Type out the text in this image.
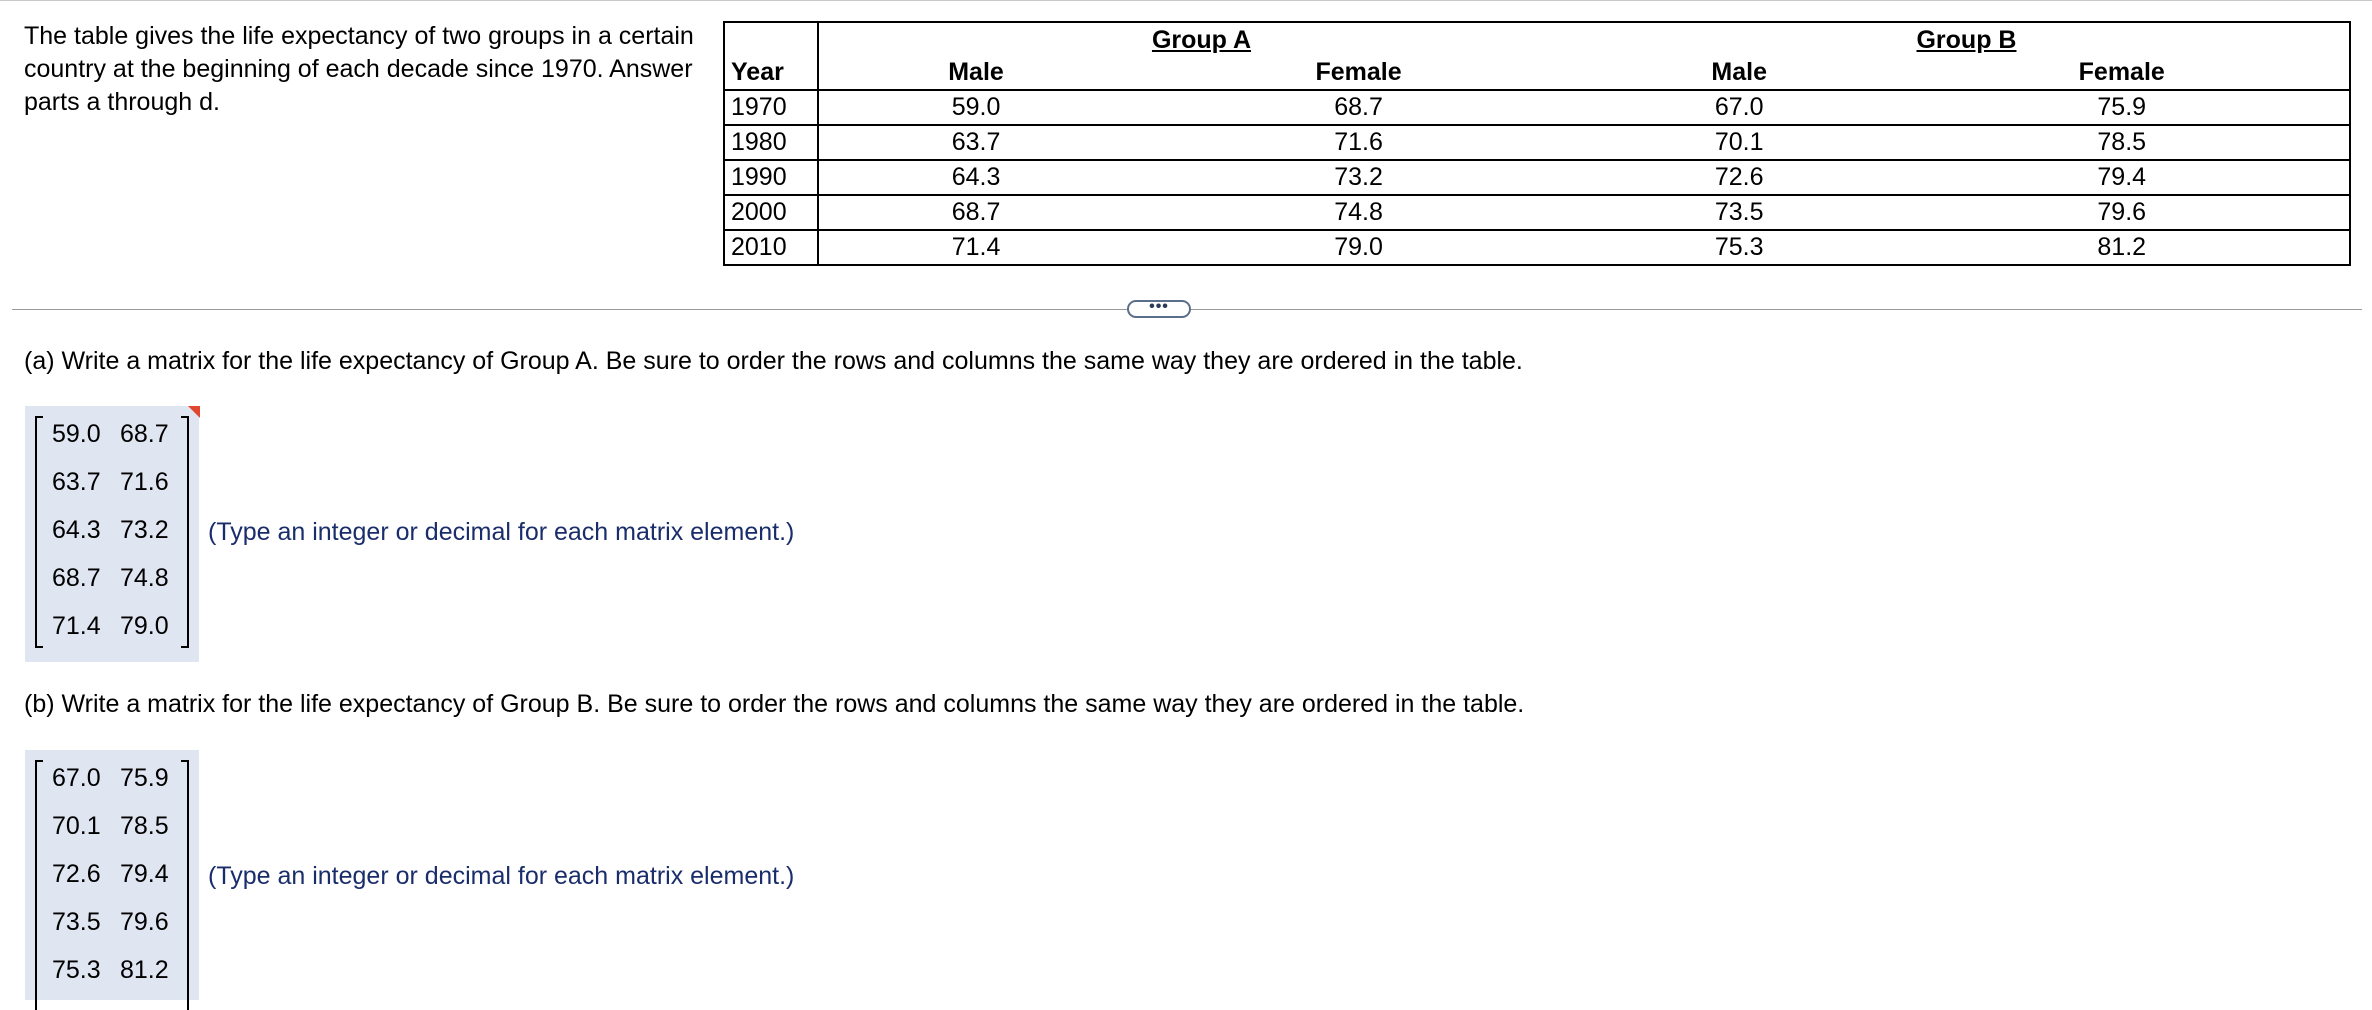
The table gives the life expectancy of two groups in a certain country at the beginning of each decade since 1970. Answer parts a through d.
	Group A		Group B	
Year	Male	Female	Male	Female
1970	59.0	68.7	67.0	75.9
1980	63.7	71.6	70.1	78.5
1990	64.3	73.2	72.6	79.4
2000	68.7	74.8	73.5	79.6
2010	71.4	79.0	75.3	81.2
•••
(a) Write a matrix for the life expectancy of Group A. Be sure to order the rows and columns the same way they are ordered in the table.
59.0 68.7
63.7 71.6
64.3 73.2
68.7 74.8
71.4 79.0
(Type an integer or decimal for each matrix element.)
(b) Write a matrix for the life expectancy of Group B. Be sure to order the rows and columns the same way they are ordered in the table.
67.0 75.9
70.1 78.5
72.6 79.4
73.5 79.6
75.3 81.2
(Type an integer or decimal for each matrix element.)
